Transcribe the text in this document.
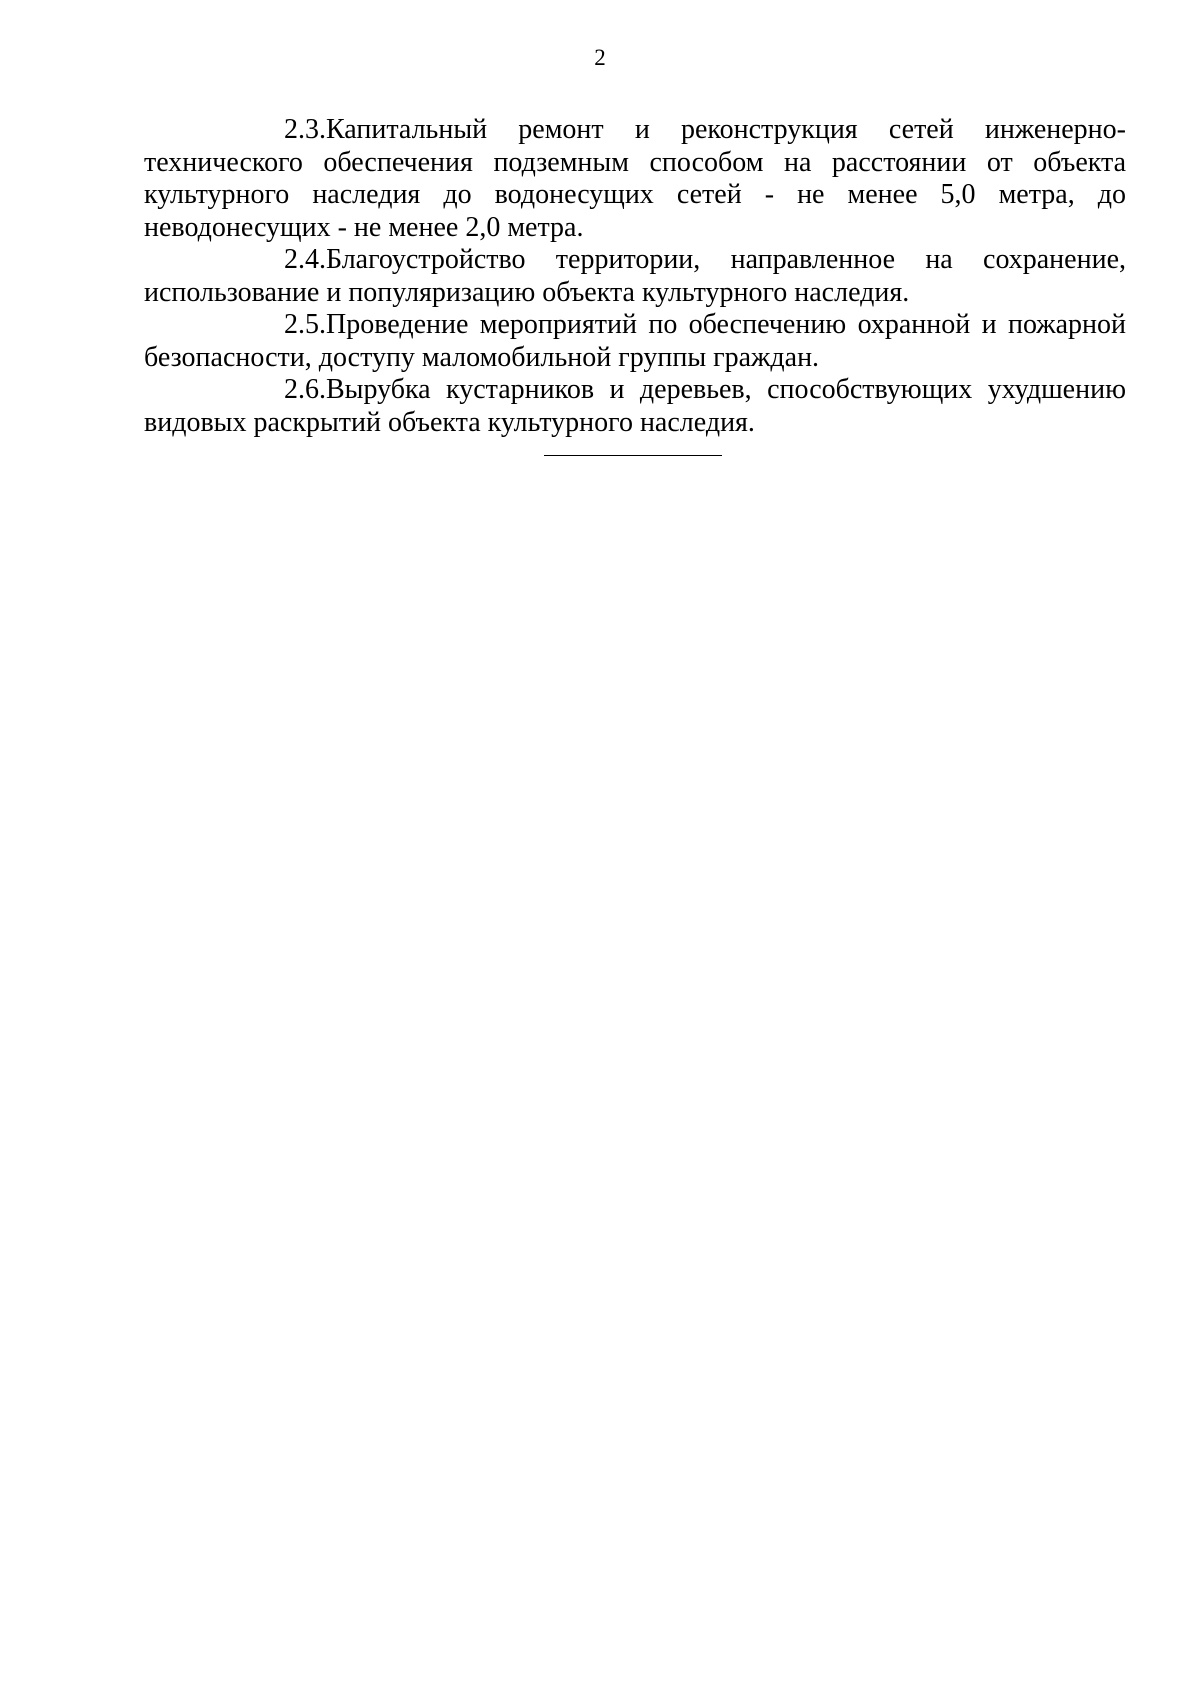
2

2.3.Капитальный ремонт и реконструкция сетей инженерно-технического обеспечения подземным способом на расстоянии от объекта культурного наследия до водонесущих сетей - не менее 5,0 метра, до неводонесущих - не менее 2,0 метра.

2.4.Благоустройство территории, направленное на сохранение, использование и популяризацию объекта культурного наследия.

2.5.Проведение мероприятий по обеспечению охранной и пожарной безопасности, доступу маломобильной группы граждан.

2.6.Вырубка кустарников и деревьев, способствующих ухудшению видовых раскрытий объекта культурного наследия.
